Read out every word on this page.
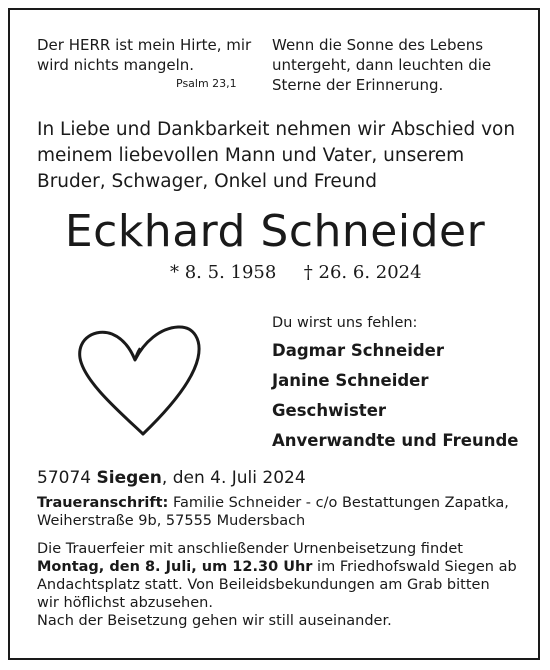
Der HERR ist mein Hirte, mir
wird nichts mangeln.
Psalm 23,1
Wenn die Sonne des Lebens
untergeht, dann leuchten die
Sterne der Erinnerung.
In Liebe und Dankbarkeit nehmen wir Abschied von
meinem liebevollen Mann und Vater, unserem
Bruder, Schwager, Onkel und Freund
Eckhard Schneider
* 8. 5. 1958 † 26. 6. 2024
Du wirst uns fehlen:
Dagmar Schneider
Janine Schneider
Geschwister
Anverwandte und Freunde
57074 Siegen, den 4. Juli 2024
Traueranschrift: Familie Schneider - c/o Bestattungen Zapatka,
Weiherstraße 9b, 57555 Mudersbach
Die Trauerfeier mit anschließender Urnenbeisetzung findet
Montag, den 8. Juli, um 12.30 Uhr im Friedhofswald Siegen ab
Andachtsplatz statt. Von Beileidsbekundungen am Grab bitten
wir höflichst abzusehen.
Nach der Beisetzung gehen wir still auseinander.
